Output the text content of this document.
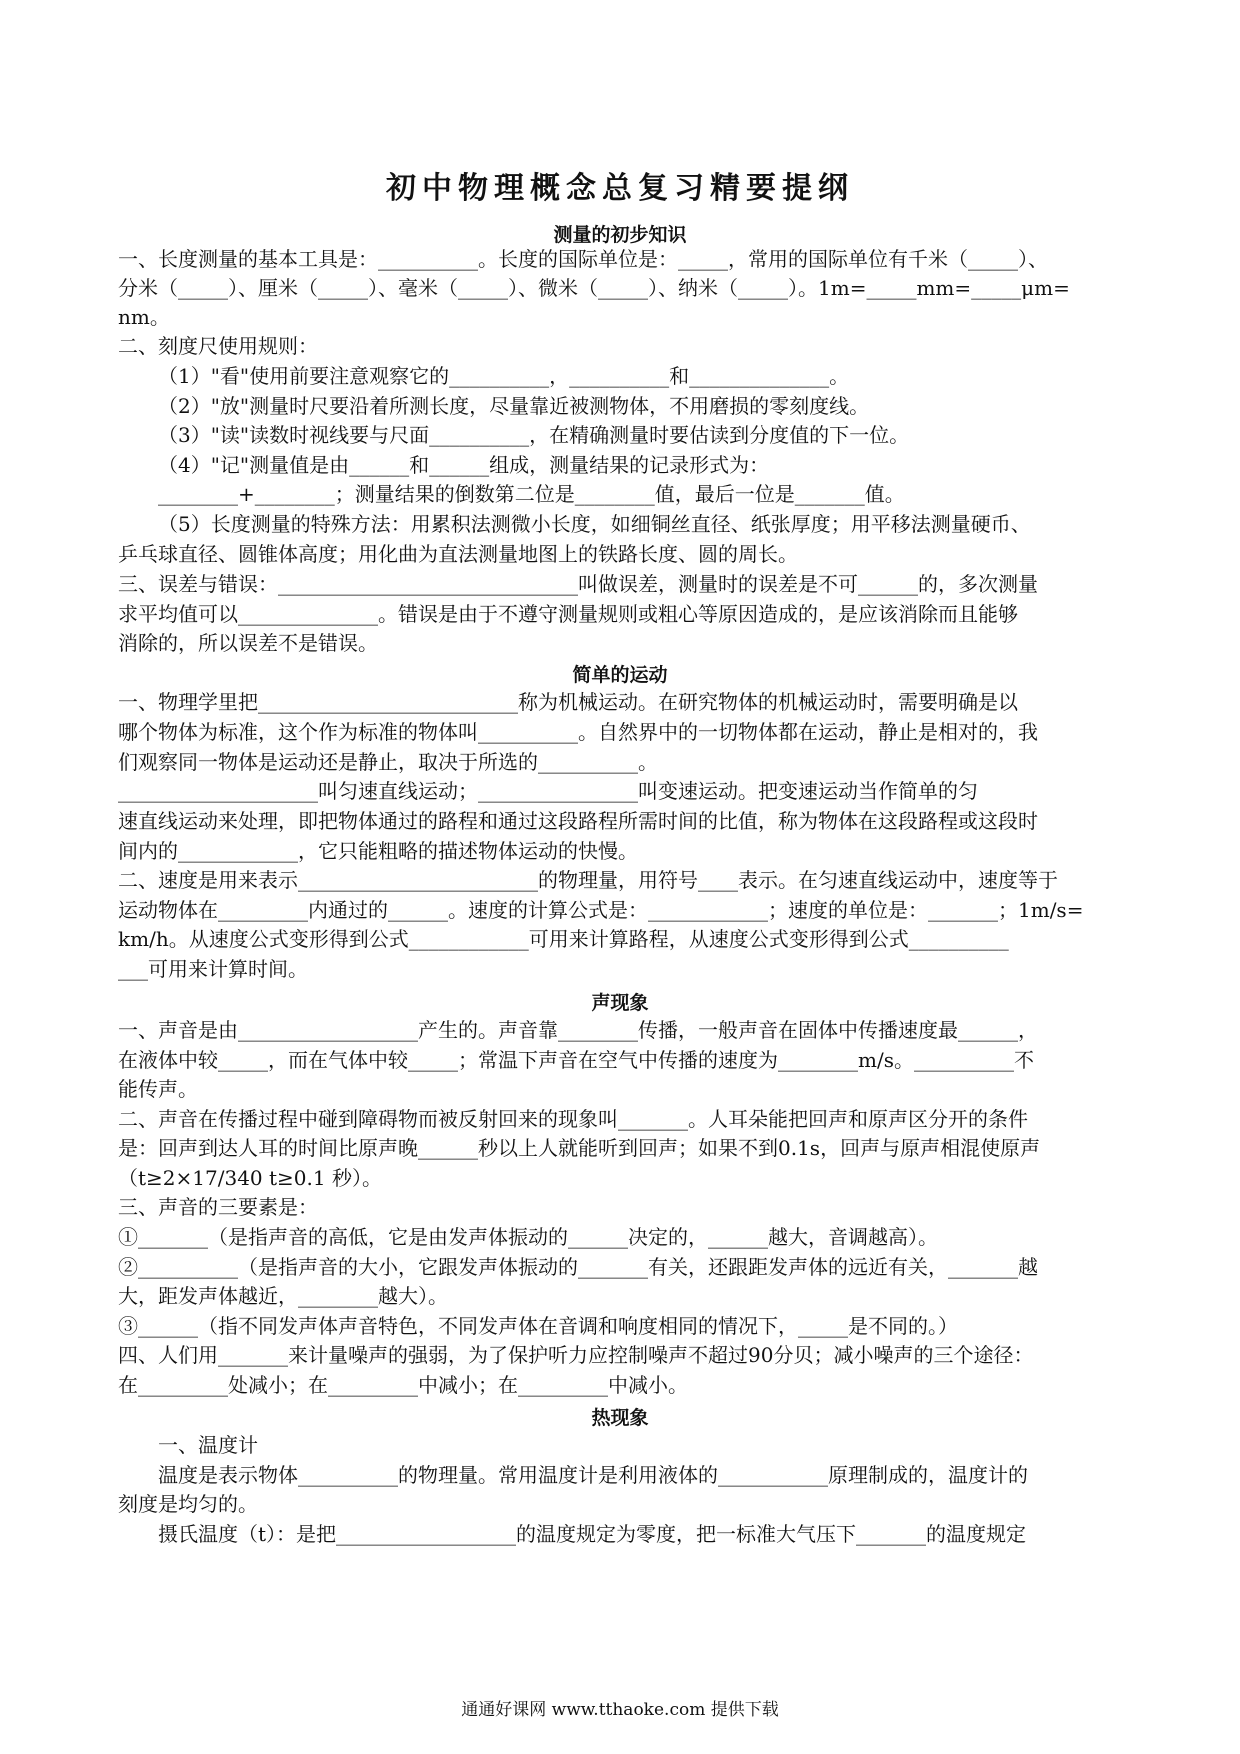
初中物理概念总复习精要提纲
测量的初步知识
一、长度测量的基本工具是：__________。长度的国际单位是：_____，常用的国际单位有千米（_____）、
分米（_____）、厘米（_____）、毫米（_____）、微米（_____）、纳米（_____）。1m=_____mm=_____μm=
nm。
二、刻度尺使用规则：
（1）"看"使用前要注意观察它的__________，__________和______________。
（2）"放"测量时尺要沿着所测长度，尽量靠近被测物体，不用磨损的零刻度线。
（3）"读"读数时视线要与尺面__________，在精确测量时要估读到分度值的下一位。
（4）"记"测量值是由______和______组成，测量结果的记录形式为：
________+________；测量结果的倒数第二位是________值，最后一位是_______值。
（5）长度测量的特殊方法：用累积法测微小长度，如细铜丝直径、纸张厚度；用平移法测量硬币、
乒乓球直径、圆锥体高度；用化曲为直法测量地图上的铁路长度、圆的周长。
三、误差与错误：______________________________叫做误差，测量时的误差是不可______的，多次测量
求平均值可以______________。错误是由于不遵守测量规则或粗心等原因造成的，是应该消除而且能够
消除的，所以误差不是错误。
简单的运动
一、物理学里把__________________________称为机械运动。在研究物体的机械运动时，需要明确是以
哪个物体为标准，这个作为标准的物体叫__________。自然界中的一切物体都在运动，静止是相对的，我
们观察同一物体是运动还是静止，取决于所选的__________。
____________________叫匀速直线运动；________________叫变速运动。把变速运动当作简单的匀
速直线运动来处理，即把物体通过的路程和通过这段路程所需时间的比值，称为物体在这段路程或这段时
间内的____________，它只能粗略的描述物体运动的快慢。
二、速度是用来表示________________________的物理量，用符号____表示。在匀速直线运动中，速度等于
运动物体在_________内通过的______。速度的计算公式是：____________；速度的单位是：_______；1m/s=
km/h。从速度公式变形得到公式____________可用来计算路程，从速度公式变形得到公式__________
___可用来计算时间。
声现象
一、声音是由__________________产生的。声音靠________传播，一般声音在固体中传播速度最______，
在液体中较_____，而在气体中较_____；常温下声音在空气中传播的速度为________m/s。__________不
能传声。
二、声音在传播过程中碰到障碍物而被反射回来的现象叫_______。人耳朵能把回声和原声区分开的条件
是：回声到达人耳的时间比原声晚______秒以上人就能听到回声；如果不到0.1s，回声与原声相混使原声
（t≥2×17/340 t≥0.1 秒）。
三、声音的三要素是：
①_______（是指声音的高低，它是由发声体振动的______决定的，______越大，音调越高）。
②__________（是指声音的大小，它跟发声体振动的_______有关，还跟距发声体的远近有关，_______越
大，距发声体越近，________越大）。
③______（指不同发声体声音特色，不同发声体在音调和响度相同的情况下，_____是不同的。）
四、人们用_______来计量噪声的强弱，为了保护听力应控制噪声不超过90分贝；减小噪声的三个途径：
在_________处减小；在_________中减小；在_________中减小。
热现象
一、温度计
温度是表示物体__________的物理量。常用温度计是利用液体的___________原理制成的，温度计的
刻度是均匀的。
摄氏温度（t）：是把__________________的温度规定为零度，把一标准大气压下_______的温度规定
通通好课网 www.tthaoke.com 提供下载
